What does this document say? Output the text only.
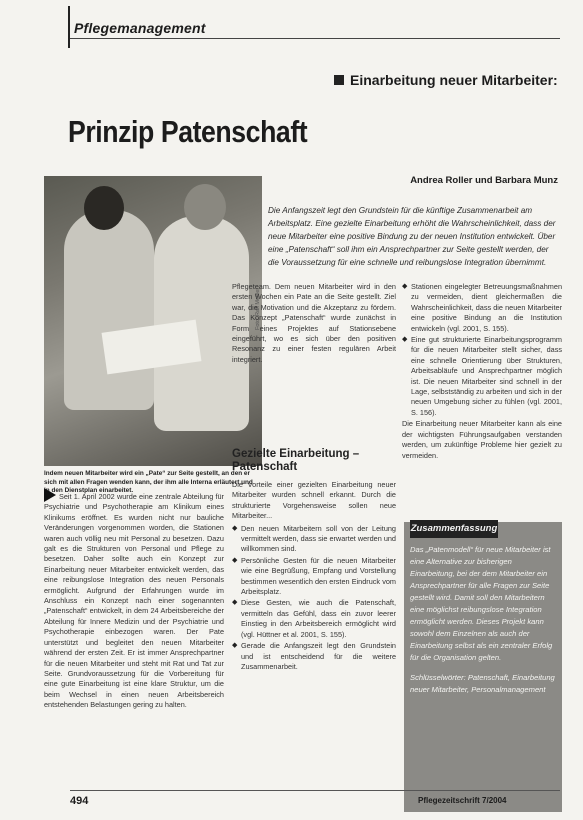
Pflegemanagement
Einarbeitung neuer Mitarbeiter:
Prinzip Patenschaft
Andrea Roller und Barbara Munz
Die Anfangszeit legt den Grundstein für die künftige Zusammenarbeit am Arbeitsplatz. Eine gezielte Einarbeitung erhöht die Wahrscheinlichkeit, dass der neue Mitarbeiter eine positive Bindung zu der neuen Institution entwickelt. Über eine „Patenschaft“ soll ihm ein Ansprechpartner zur Seite gestellt werden, der die Voraussetzung für eine schnelle und reibungslose Integration übernimmt.
Foto: Ralf Mettler
Indem neuen Mitarbeiter wird ein „Pate“ zur Seite gestellt, an den er sich mit allen Fragen wenden kann, der ihm alle Interna erläutert und in den Dienstplan einarbeitet.
Seit 1. April 2002 wurde eine zentrale Abteilung für Psychiatrie und Psychotherapie am Klinikum eines Klinikums eröffnet. Es wurden nicht nur bauliche Veränderungen vorgenommen worden, die Stationen waren auch völlig neu mit Personal zu besetzen. Dazu galt es die Strukturen von Personal und Pflege zu besetzen. Daher sollte auch ein Konzept zur Einarbeitung neuer Mitarbeiter entwickelt werden, das eine reibungslose Integration des neuen Personals ermöglicht. Aufgrund der Erfahrungen wurde im Anschluss ein Konzept nach einer sogenannten „Patenschaft“ entwickelt, in dem 24 Arbeitsbereiche der Abteilung für Innere Medizin und der Psychiatrie und Psychotherapie einbezogen waren. Der Pate unterstützt und begleitet den neuen Mitarbeiter während der ersten Zeit. Er ist immer Ansprechpartner für die neuen Mitarbeiter und steht mit Rat und Tat zur Seite. Grundvoraussetzung für die Vorbereitung für eine gute Einarbeitung ist eine klare Struktur, um die beim Wechsel in einen neuen Arbeitsbereich entstehenden Belastungen gering zu halten.
Pflegeteam. Dem neuen Mitarbeiter wird in den ersten Wochen ein Pate an die Seite gestellt. Ziel war, die Motivation und die Akzeptanz zu fördern. Das Konzept „Patenschaft“ wurde zunächst in Form eines Projektes auf Stationsebene eingeführt, wo es sich über den positiven Resonanz zu einer festen regulären Arbeit integriert.
Gezielte Einarbeitung – Patenschaft
Die Vorteile einer gezielten Einarbeitung neuer Mitarbeiter wurden schnell erkannt. Durch die strukturierte Vorgehensweise sollen neue Mitarbeiter...
◆ Den neuen Mitarbeitern soll von der Leitung vermittelt werden, dass sie erwartet werden und willkommen sind.
◆ Persönliche Gesten für die neuen Mitarbeiter wie eine Begrüßung, Empfang und Vorstellung bestimmen wesentlich den ersten Eindruck vom Arbeitsplatz.
◆ Diese Gesten, wie auch die Patenschaft, vermitteln das Gefühl, dass ein zuvor leerer Einstieg in den Arbeitsbereich ermöglicht wird (vgl. Hüttner et al. 2001, S. 155).
◆ Gerade die Anfangszeit legt den Grundstein und ist entscheidend für die weitere Zusammenarbeit.
◆ Stationen eingelegter Betreuungsmaßnahmen zu vermeiden, dient gleichermaßen die Wahrscheinlichkeit, dass die neuen Mitarbeiter eine positive Bindung an die Institution entwickeln (vgl. 2001, S. 155).
◆ Eine gut strukturierte Einarbeitungsprogramm für die neuen Mitarbeiter stellt sicher, dass eine schnelle Orientierung über Strukturen, Arbeitsabläufe und Ansprechpartner möglich ist. Die neuen Mitarbeiter sind schnell in der Lage, selbstständig zu arbeiten und sich in der neuen Umgebung sicher zu fühlen (vgl. 2001, S. 156).
Die Einarbeitung neuer Mitarbeiter kann als eine der wichtigsten Führungsaufgaben verstanden werden, um zukünftige Probleme hier gezielt zu vermeiden.
Zusammenfassung
Das „Patenmodell“ für neue Mitarbeiter ist eine Alternative zur bisherigen Einarbeitung, bei der dem Mitarbeiter ein Ansprechpartner für alle Fragen zur Seite gestellt wird. Damit soll den Mitarbeitern eine möglichst reibungslose Integration ermöglicht werden. Dieses Projekt kann sowohl dem Einzelnen als auch der Einarbeitung selbst als ein zentraler Erfolg für die Organisation gelten.
Schlüsselwörter: Patenschaft, Einarbeitung neuer Mitarbeiter, Personalmanagement
494	Pflegezeitschrift 7/2004
